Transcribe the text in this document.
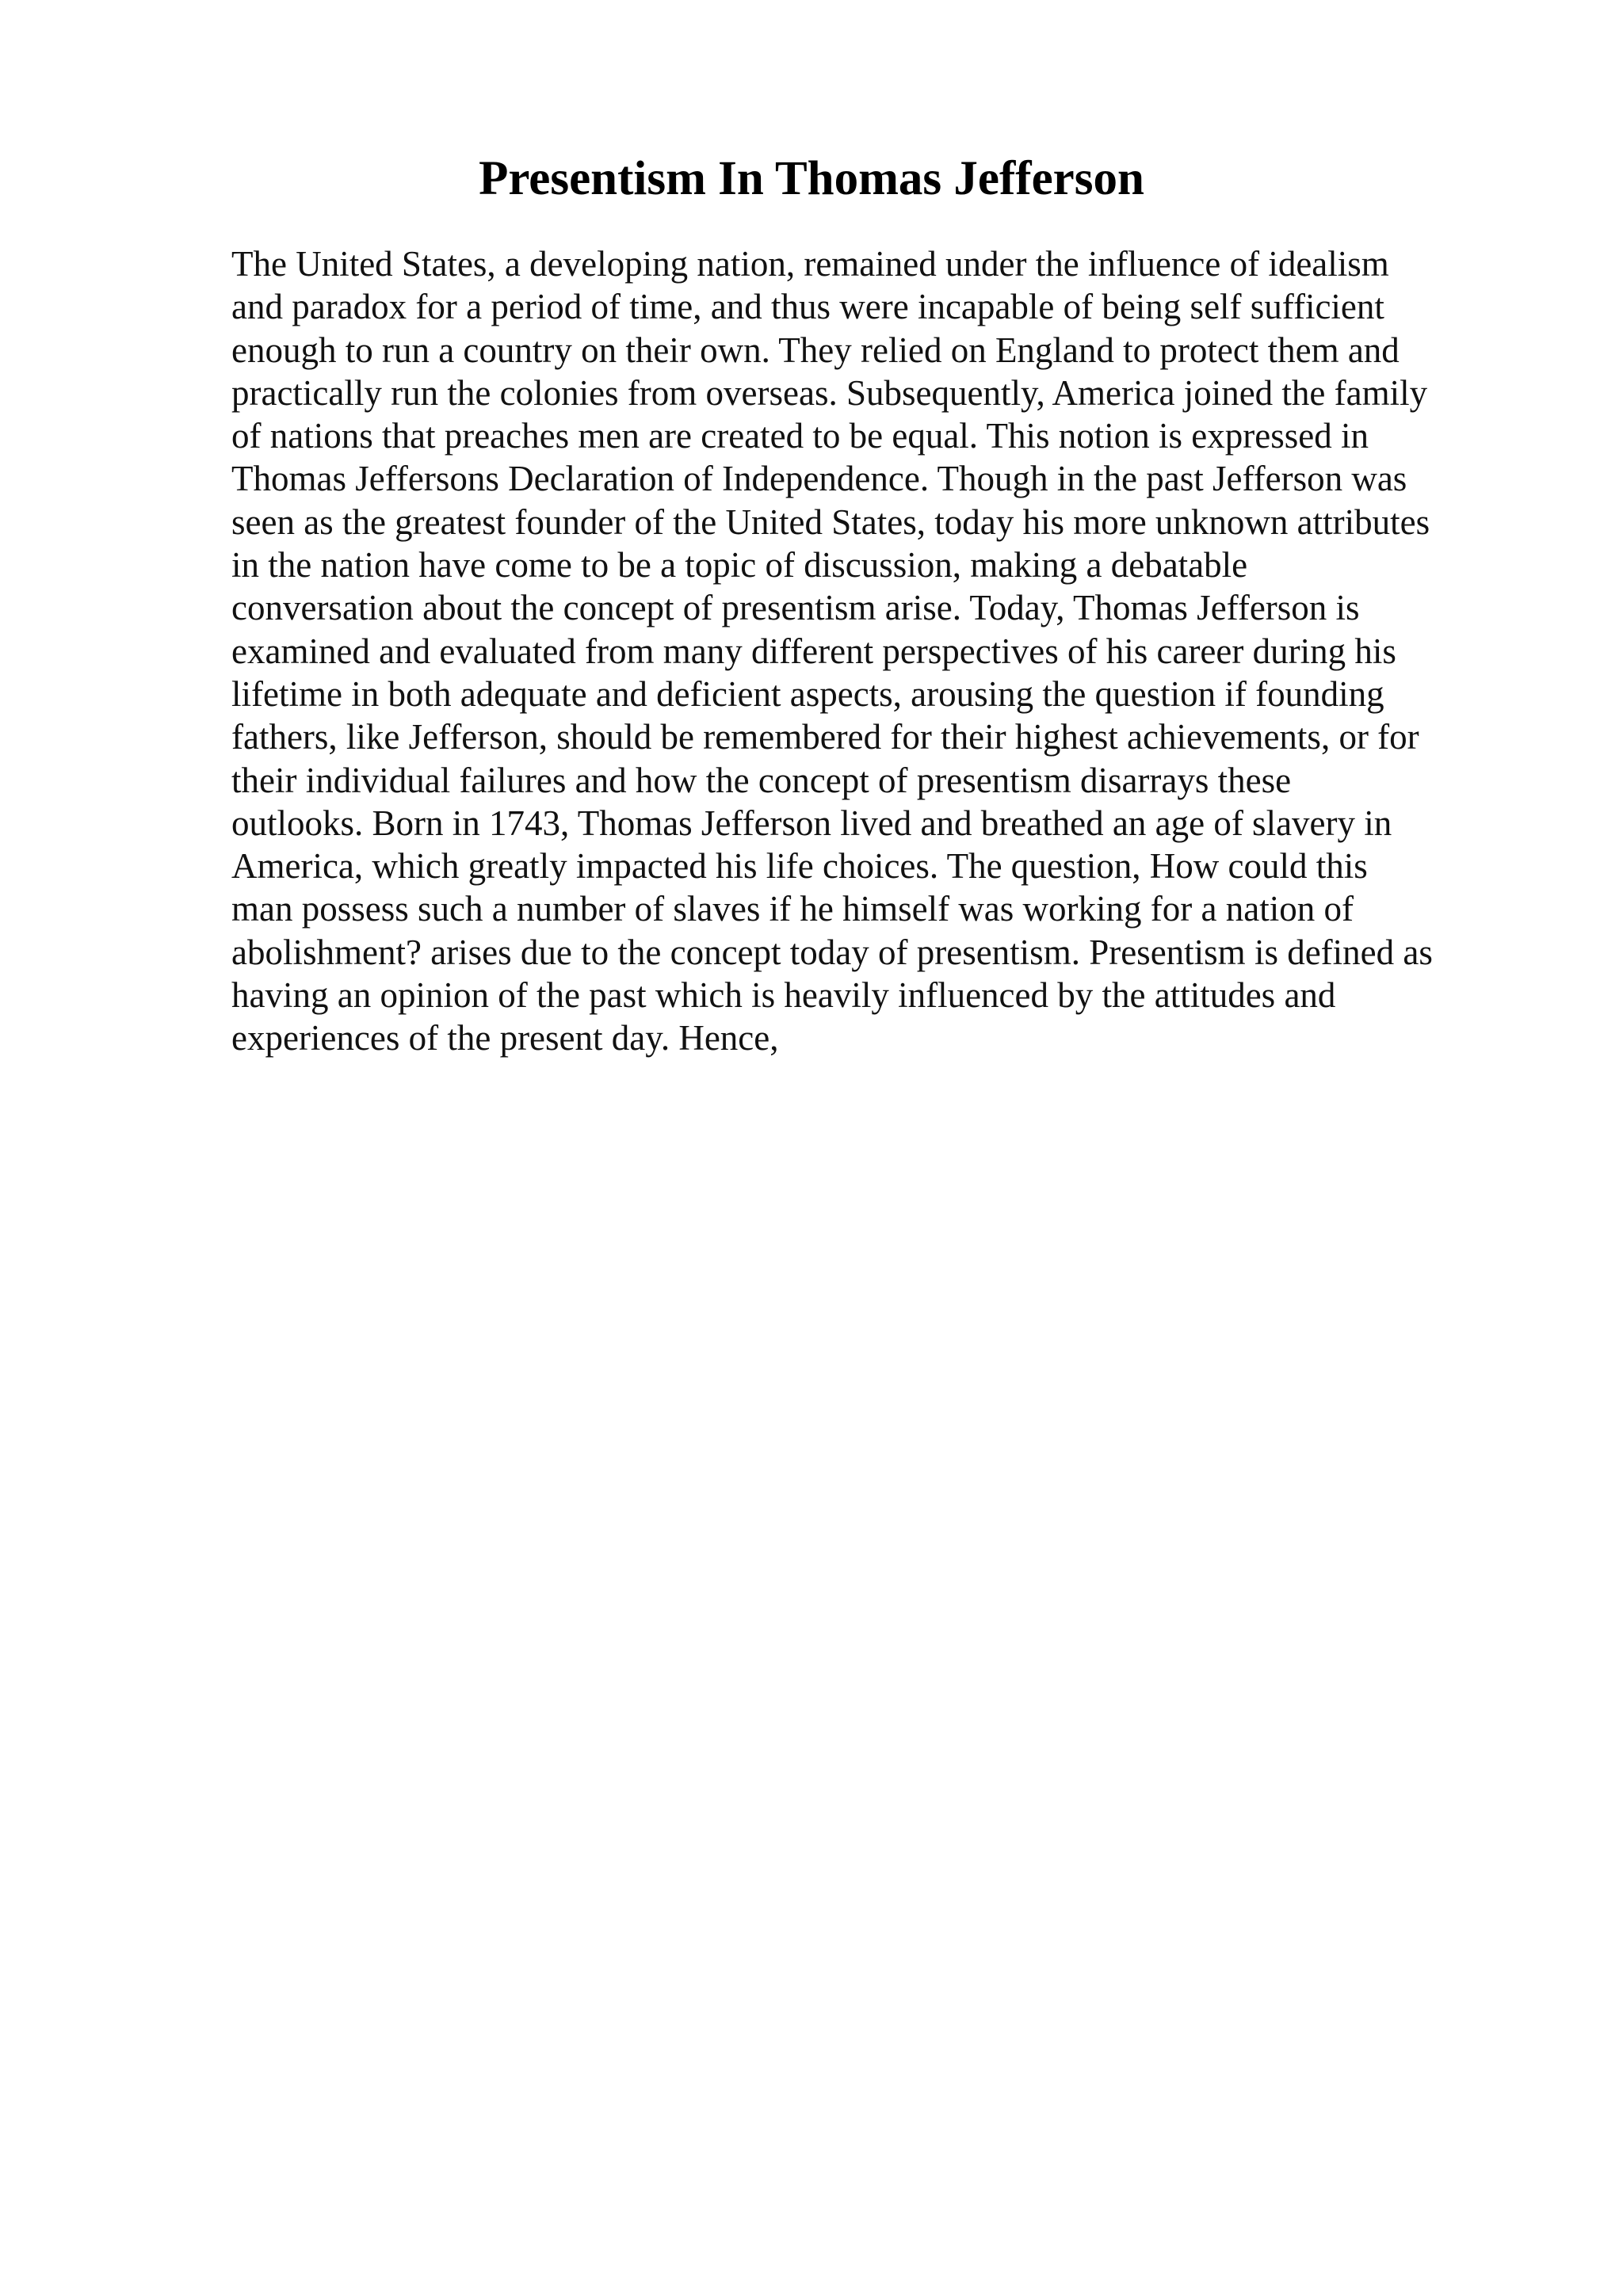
Presentism In Thomas Jefferson
The United States, a developing nation, remained under the influence of idealism
and paradox for a period of time, and thus were incapable of being self sufficient
enough to run a country on their own. They relied on England to protect them and
practically run the colonies from overseas. Subsequently, America joined the family
of nations that preaches men are created to be equal. This notion is expressed in
Thomas Jeffersons Declaration of Independence. Though in the past Jefferson was
seen as the greatest founder of the United States, today his more unknown attributes
in the nation have come to be a topic of discussion, making a debatable
conversation about the concept of presentism arise. Today, Thomas Jefferson is
examined and evaluated from many different perspectives of his career during his
lifetime in both adequate and deficient aspects, arousing the question if founding
fathers, like Jefferson, should be remembered for their highest achievements, or for
their individual failures and how the concept of presentism disarrays these
outlooks. Born in 1743, Thomas Jefferson lived and breathed an age of slavery in
America, which greatly impacted his life choices. The question, How could this
man possess such a number of slaves if he himself was working for a nation of
abolishment? arises due to the concept today of presentism. Presentism is defined as
having an opinion of the past which is heavily influenced by the attitudes and
experiences of the present day. Hence,
